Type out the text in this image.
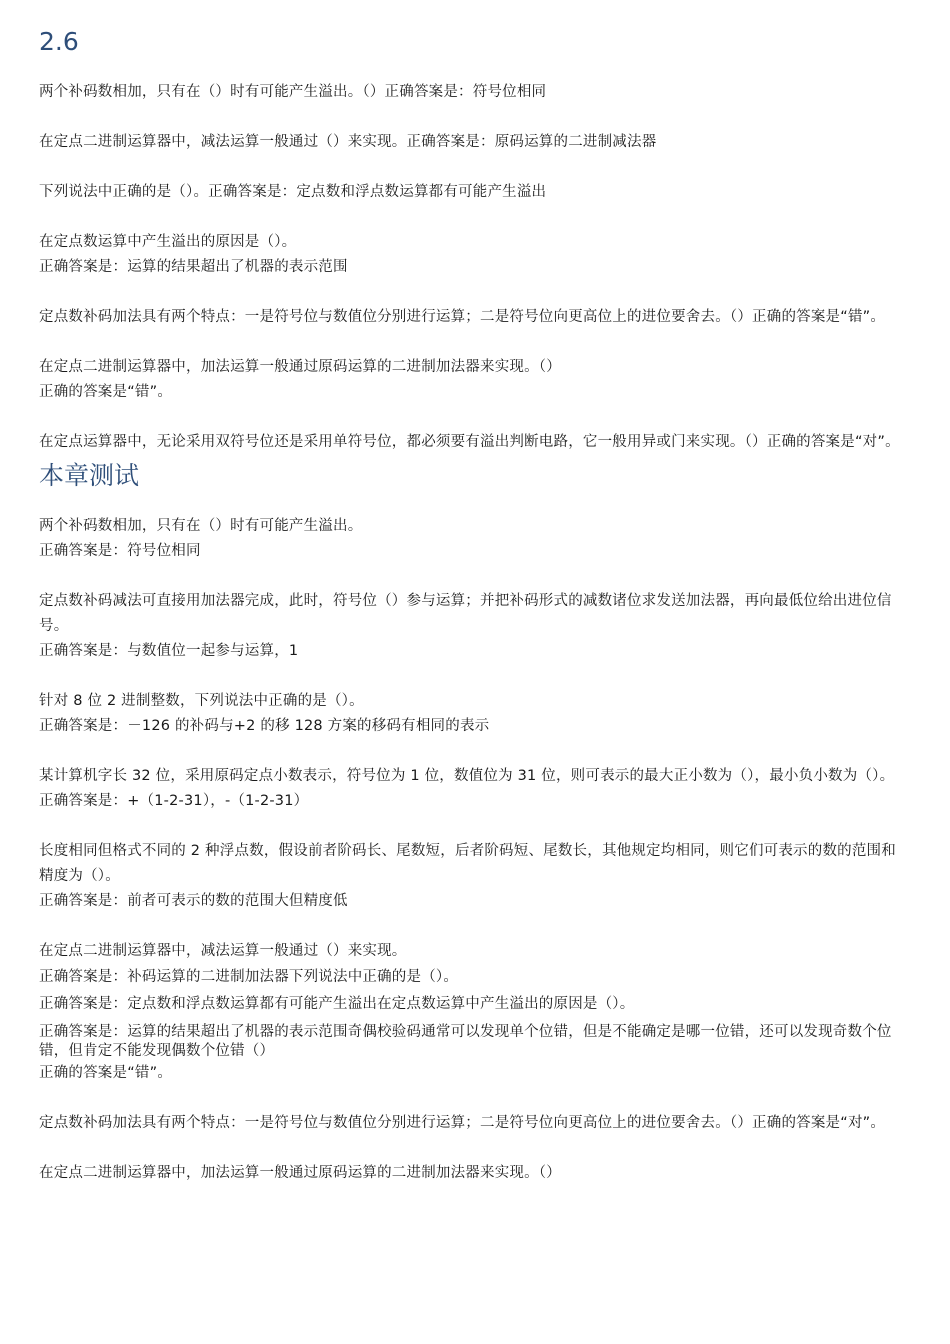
2.6

两个补码数相加，只有在（）时有可能产生溢出。（）正确答案是：符号位相同

在定点二进制运算器中，减法运算一般通过（）来实现。正确答案是：原码运算的二进制减法器

下列说法中正确的是（）。正确答案是：定点数和浮点数运算都有可能产生溢出

在定点数运算中产生溢出的原因是（）。

正确答案是：运算的结果超出了机器的表示范围

定点数补码加法具有两个特点：一是符号位与数值位分别进行运算；二是符号位向更高位上的进位要舍去。（）正确的答案是“错”。

在定点二进制运算器中，加法运算一般通过原码运算的二进制加法器来实现。（）

正确的答案是“错”。

在定点运算器中，无论采用双符号位还是采用单符号位，都必须要有溢出判断电路，它一般用异或门来实现。（）正确的答案是“对”。

本章测试

两个补码数相加，只有在（）时有可能产生溢出。

正确答案是：符号位相同

定点数补码减法可直接用加法器完成，此时，符号位（）参与运算；并把补码形式的减数诸位求发送加法器，再向最低位给出进位信号。

正确答案是：与数值位一起参与运算，1

针对 8 位 2 进制整数，下列说法中正确的是（）。

正确答案是：－126 的补码与+2 的移 128 方案的移码有相同的表示

某计算机字长 32 位，采用原码定点小数表示，符号位为 1 位，数值位为 31 位，则可表示的最大正小数为（），最小负小数为（）。

正确答案是：+（1-2-31），-（1-2-31）

长度相同但格式不同的 2 种浮点数，假设前者阶码长、尾数短，后者阶码短、尾数长，其他规定均相同，则它们可表示的数的范围和精度为（）。

正确答案是：前者可表示的数的范围大但精度低

在定点二进制运算器中，减法运算一般通过（）来实现。

正确答案是：补码运算的二进制加法器下列说法中正确的是（）。

正确答案是：定点数和浮点数运算都有可能产生溢出在定点数运算中产生溢出的原因是（）。

正确答案是：运算的结果超出了机器的表示范围奇偶校验码通常可以发现单个位错，但是不能确定是哪一位错，还可以发现奇数个位错，但肯定不能发现偶数个位错（）

正确的答案是“错”。

定点数补码加法具有两个特点：一是符号位与数值位分别进行运算；二是符号位向更高位上的进位要舍去。（）正确的答案是“对”。

在定点二进制运算器中，加法运算一般通过原码运算的二进制加法器来实现。（）
